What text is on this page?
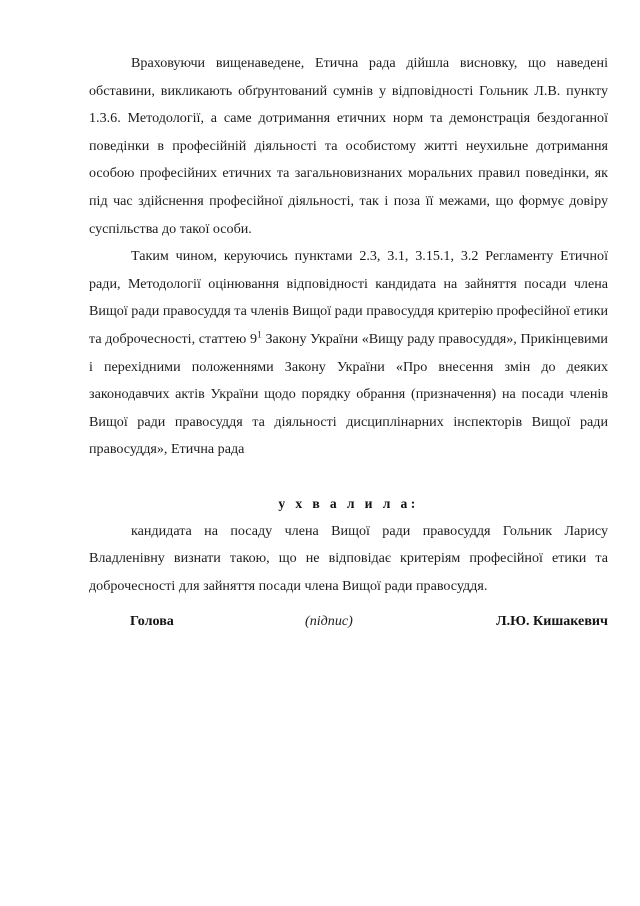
Враховуючи вищенаведене, Етична рада дійшла висновку, що наведені обставини, викликають обґрунтований сумнів у відповідності Гольник Л.В. пункту 1.3.6. Методології, а саме дотримання етичних норм та демонстрація бездоганної поведінки в професійній діяльності та особистому житті неухильне дотримання особою професійних етичних та загальновизнаних моральних правил поведінки, як під час здійснення професійної діяльності, так і поза її межами, що формує довіру суспільства до такої особи.

Таким чином, керуючись пунктами 2.3, 3.1, 3.15.1, 3.2 Регламенту Етичної ради, Методології оцінювання відповідності кандидата на зайняття посади члена Вищої ради правосуддя та членів Вищої ради правосуддя критерію професійної етики та доброчесності, статтею $9^1$ Закону України «Вищу раду правосуддя», Прикінцевими і перехідними положеннями Закону України «Про внесення змін до деяких законодавчих актів України щодо порядку обрання (призначення) на посади членів Вищої ради правосуддя та діяльності дисциплінарних інспекторів Вищої ради правосуддя», Етична рада

у х в а л и л а:

кандидата на посаду члена Вищої ради правосуддя Гольник Ларису Владленівну визнати такою, що не відповідає критеріям професійної етики та доброчесності для зайняття посади члена Вищої ради правосуддя.

Голова	(підпис)	Л.Ю. Кишакевич
